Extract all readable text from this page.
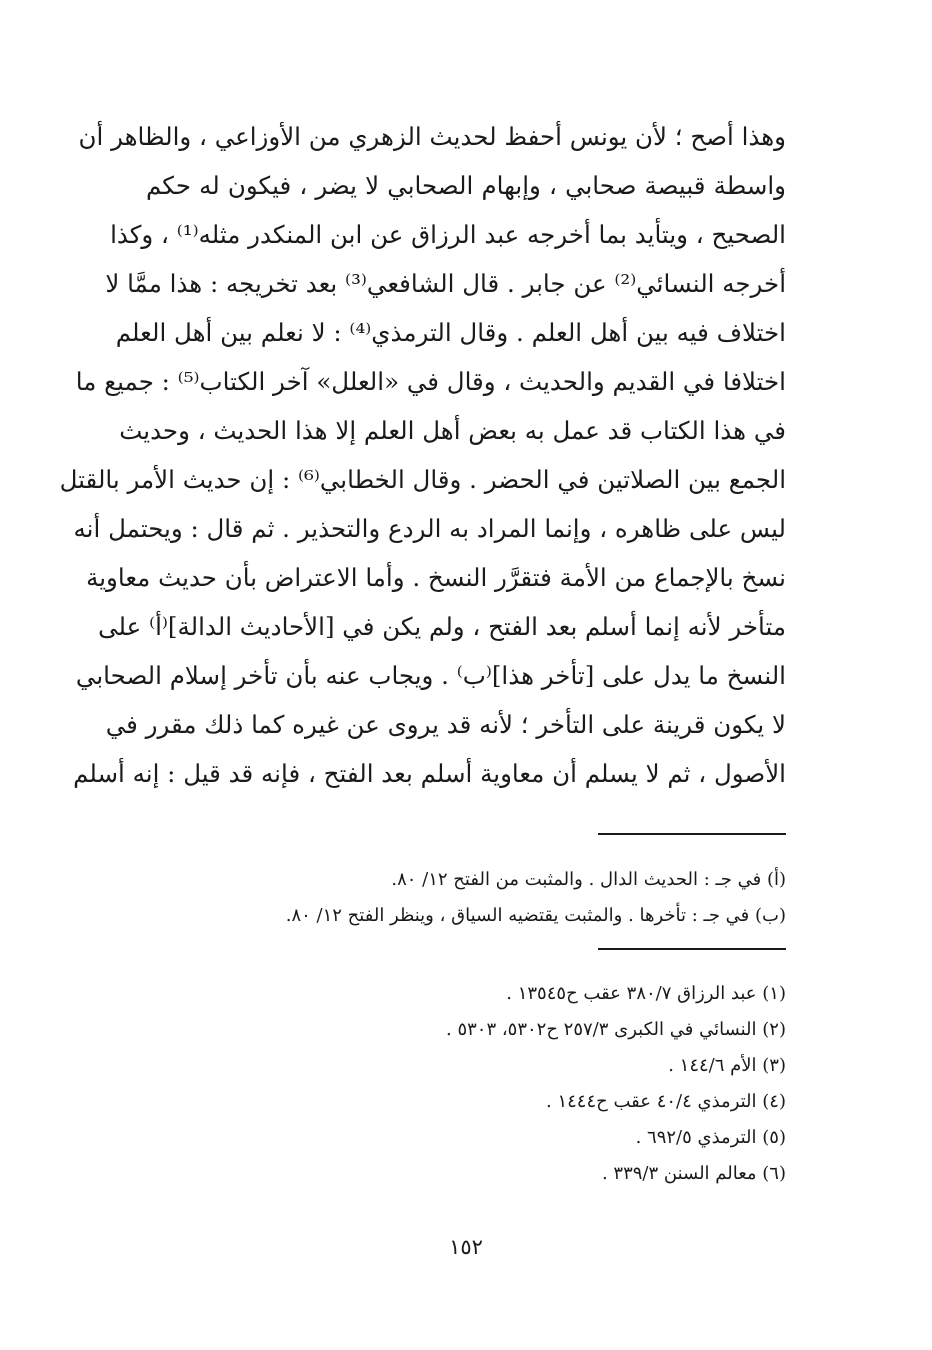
وهذا أصح ؛ لأن يونس أحفظ لحديث الزهري من الأوزاعي ، والظاهر أن
واسطة قبيصة صحابي ، وإبهام الصحابي لا يضر ، فيكون له حكم
الصحيح ، ويتأيد بما أخرجه عبد الرزاق عن ابن المنكدر مثله⁽¹⁾ ، وكذا
أخرجه النسائي⁽²⁾ عن جابر . قال الشافعي⁽³⁾ بعد تخريجه : هذا ممَّا لا
اختلاف فيه بين أهل العلم . وقال الترمذي⁽⁴⁾ : لا نعلم بين أهل العلم
اختلافا في القديم والحديث ، وقال في «العلل» آخر الكتاب⁽⁵⁾ : جميع ما
في هذا الكتاب قد عمل به بعض أهل العلم إلا هذا الحديث ، وحديث
الجمع بين الصلاتين في الحضر . وقال الخطابي⁽⁶⁾ : إن حديث الأمر بالقتل
ليس على ظاهره ، وإنما المراد به الردع والتحذير . ثم قال : ويحتمل أنه
نسخ بالإجماع من الأمة فتقرَّر النسخ . وأما الاعتراض بأن حديث معاوية
متأخر لأنه إنما أسلم بعد الفتح ، ولم يكن في [الأحاديث الدالة]⁽أ⁾ على
النسخ ما يدل على [تأخر هذا]⁽ب⁾ . ويجاب عنه بأن تأخر إسلام الصحابي
لا يكون قرينة على التأخر ؛ لأنه قد يروى عن غيره كما ذلك مقرر في
الأصول ، ثم لا يسلم أن معاوية أسلم بعد الفتح ، فإنه قد قيل : إنه أسلم
(أ) في جـ : الحديث الدال . والمثبت من الفتح ١٢/ ٨٠.
(ب) في جـ : تأخرها . والمثبت يقتضيه السياق ، وينظر الفتح ١٢/ ٨٠.
(١) عبد الرزاق ٣٨٠/٧ عقب ح١٣٥٤٥ .
(٢) النسائي في الكبرى ٢٥٧/٣ ح٥٣٠٢، ٥٣٠٣ .
(٣) الأم ١٤٤/٦ .
(٤) الترمذي ٤٠/٤ عقب ح١٤٤٤ .
(٥) الترمذي ٦٩٢/٥ .
(٦) معالم السنن ٣٣٩/٣ .
١٥٢
